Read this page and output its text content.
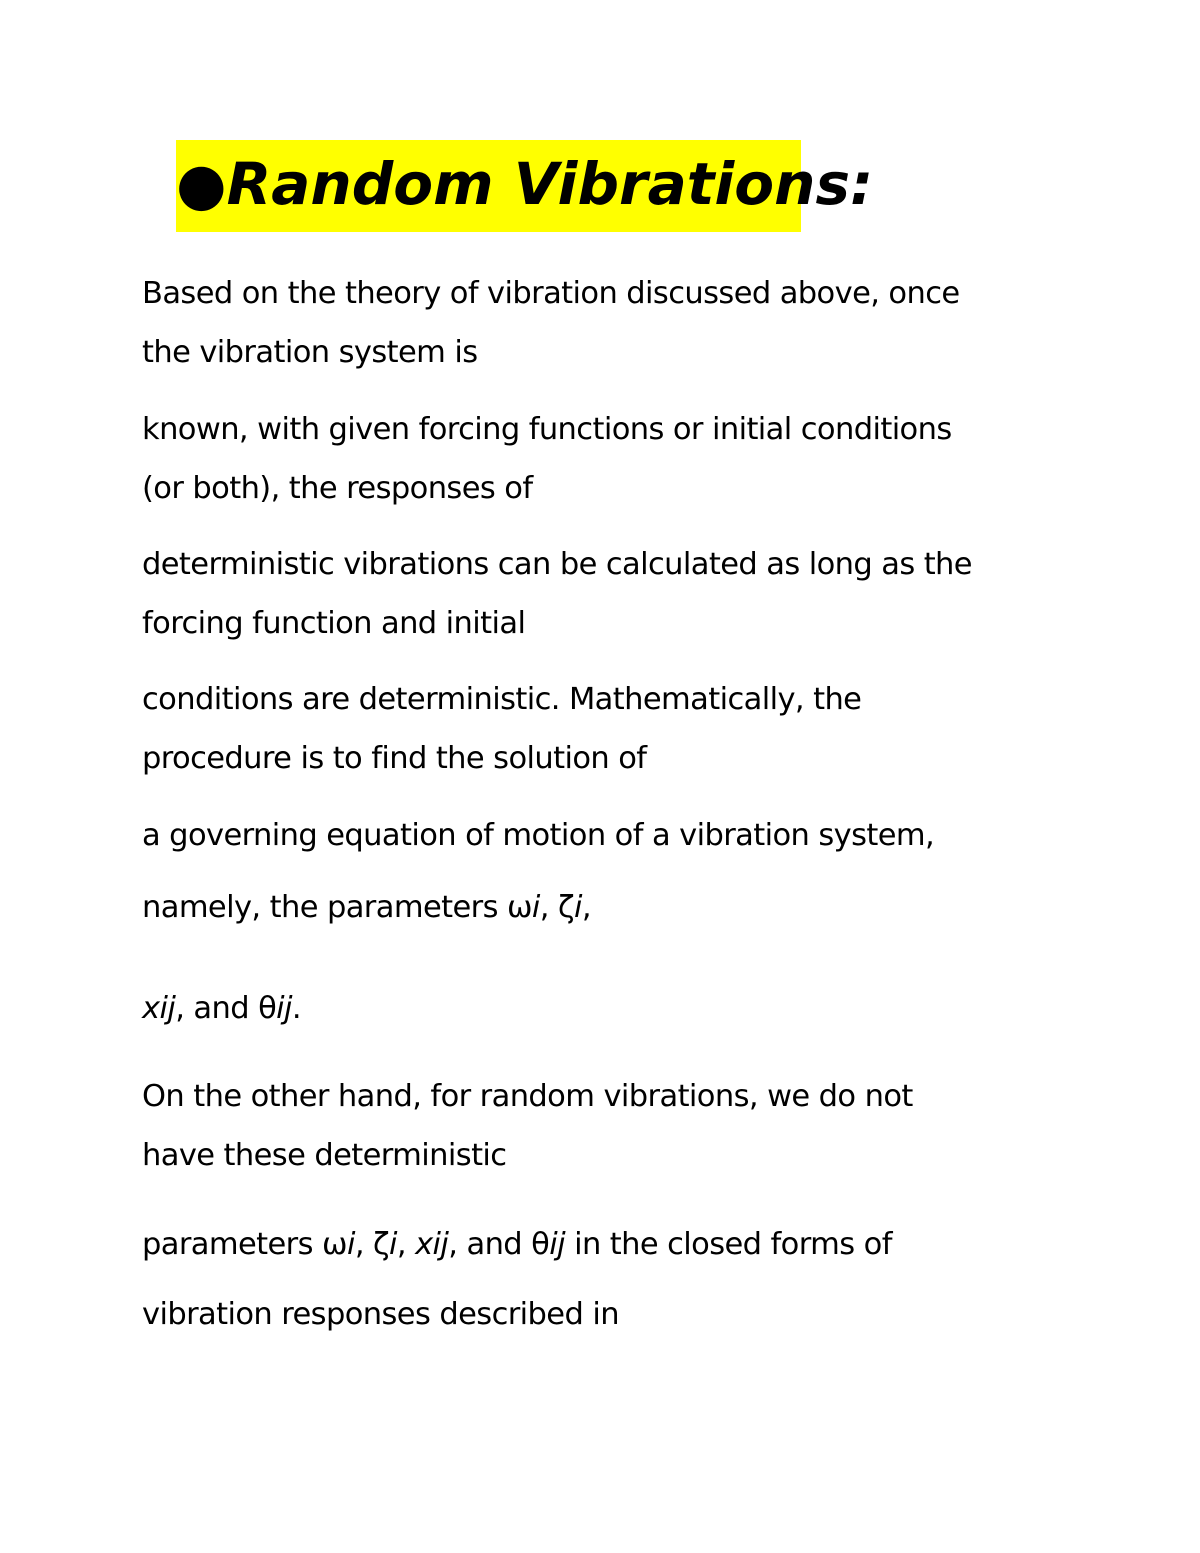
●Random Vibrations:

Based on the theory of vibration discussed above, once
the vibration system is

known, with given forcing functions or initial conditions
(or both), the responses of

deterministic vibrations can be calculated as long as the
forcing function and initial

conditions are deterministic. Mathematically, the
procedure is to find the solution of

a governing equation of motion of a vibration system,

namely, the parameters ωi, ζi,

xij, and θij.

On the other hand, for random vibrations, we do not
have these deterministic

parameters ωi, ζi, xij, and θij in the closed forms of

vibration responses described in
